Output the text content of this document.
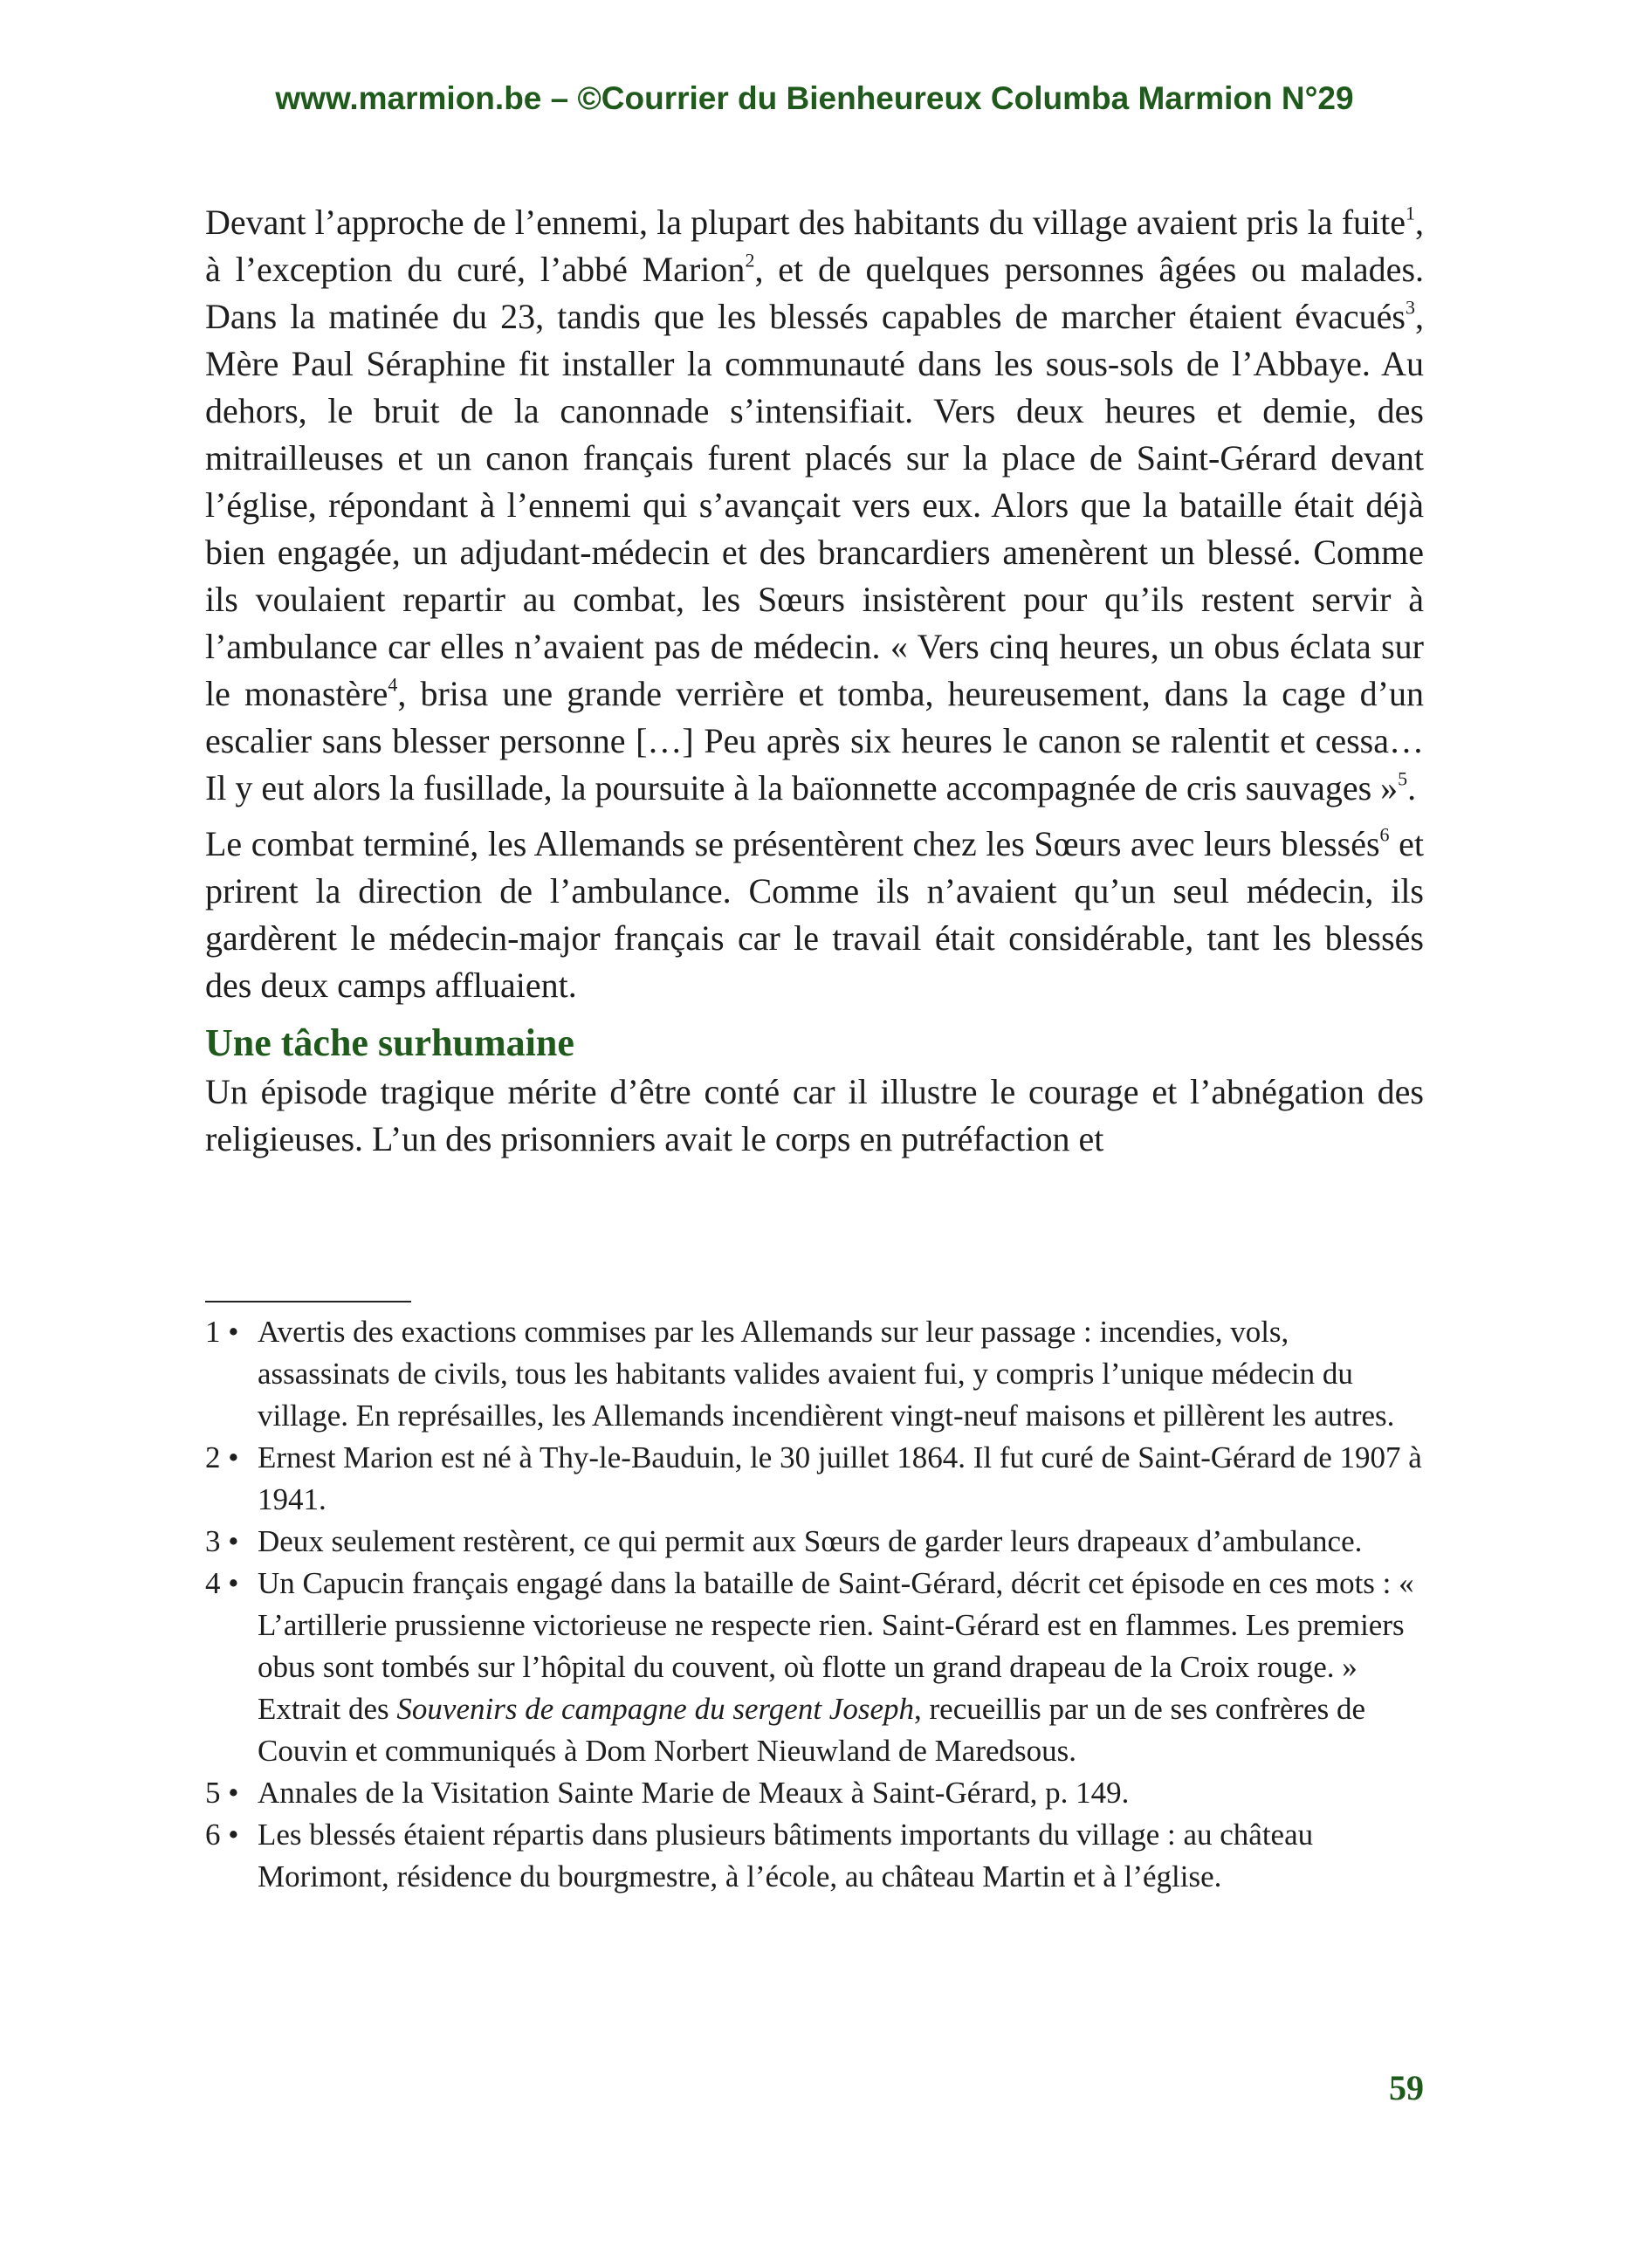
www.marmion.be – ©Courrier du Bienheureux Columba Marmion N°29

Devant l’approche de l’ennemi, la plupart des habitants du village avaient pris la fuite$^1$, à l’exception du curé, l’abbé Marion$^2$, et de quelques personnes âgées ou malades. Dans la matinée du 23, tandis que les blessés capables de marcher étaient évacués$^3$, Mère Paul Séraphine fit installer la communauté dans les sous-sols de l’Abbaye. Au dehors, le bruit de la canonnade s’intensifiait. Vers deux heures et demie, des mitrailleuses et un canon français furent placés sur la place de Saint-Gérard devant l’église, répondant à l’ennemi qui s’avançait vers eux. Alors que la bataille était déjà bien engagée, un adjudant-médecin et des brancardiers amenèrent un blessé. Comme ils voulaient repartir au combat, les Sœurs insistèrent pour qu’ils restent servir à l’ambulance car elles n’avaient pas de médecin. « Vers cinq heures, un obus éclata sur le monastère$^4$, brisa une grande verrière et tomba, heureusement, dans la cage d’un escalier sans blesser personne […] Peu après six heures le canon se ralentit et cessa… Il y eut alors la fusillade, la poursuite à la baïonnette accompagnée de cris sauvages »$^5$.

Le combat terminé, les Allemands se présentèrent chez les Sœurs avec leurs blessés$^6$ et prirent la direction de l’ambulance. Comme ils n’avaient qu’un seul médecin, ils gardèrent le médecin-major français car le travail était considérable, tant les blessés des deux camps affluaient.

Une tâche surhumaine

Un épisode tragique mérite d’être conté car il illustre le courage et l’abnégation des religieuses. L’un des prisonniers avait le corps en putréfaction et

1 • Avertis des exactions commises par les Allemands sur leur passage : incendies, vols, assassinats de civils, tous les habitants valides avaient fui, y compris l’unique médecin du village. En représailles, les Allemands incendièrent vingt-neuf maisons et pillèrent les autres.
2 • Ernest Marion est né à Thy-le-Bauduin, le 30 juillet 1864. Il fut curé de Saint-Gérard de 1907 à 1941.
3 • Deux seulement restèrent, ce qui permit aux Sœurs de garder leurs drapeaux d’ambulance.
4 • Un Capucin français engagé dans la bataille de Saint-Gérard, décrit cet épisode en ces mots : « L’artillerie prussienne victorieuse ne respecte rien. Saint-Gérard est en flammes. Les premiers obus sont tombés sur l’hôpital du couvent, où flotte un grand drapeau de la Croix rouge. » Extrait des Souvenirs de campagne du sergent Joseph, recueillis par un de ses confrères de Couvin et communiqués à Dom Norbert Nieuwland de Maredsous.
5 • Annales de la Visitation Sainte Marie de Meaux à Saint-Gérard, p. 149.
6 • Les blessés étaient répartis dans plusieurs bâtiments importants du village : au château Morimont, résidence du bourgmestre, à l’école, au château Martin et à l’église.
59
